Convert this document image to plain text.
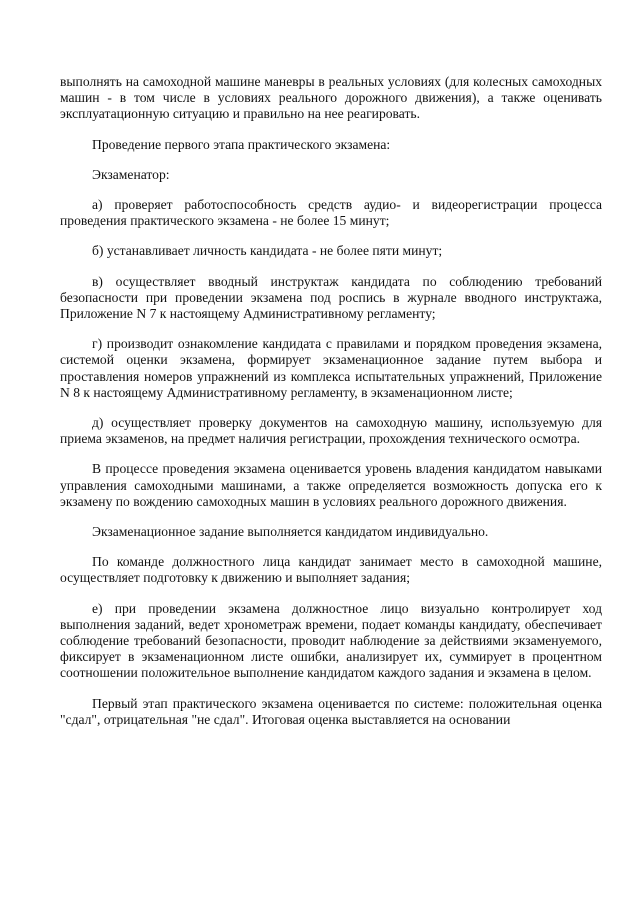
выполнять на самоходной машине маневры в реальных условиях (для колесных самоходных машин - в том числе в условиях реального дорожного движения), а также оценивать эксплуатационную ситуацию и правильно на нее реагировать.

Проведение первого этапа практического экзамена:

Экзаменатор:

а) проверяет работоспособность средств аудио- и видеорегистрации процесса проведения практического экзамена - не более 15 минут;

б) устанавливает личность кандидата - не более пяти минут;

в) осуществляет вводный инструктаж кандидата по соблюдению требований безопасности при проведении экзамена под роспись в журнале вводного инструктажа, Приложение N 7 к настоящему Административному регламенту;

г) производит ознакомление кандидата с правилами и порядком проведения экзамена, системой оценки экзамена, формирует экзаменационное задание путем выбора и проставления номеров упражнений из комплекса испытательных упражнений, Приложение N 8 к настоящему Административному регламенту, в экзаменационном листе;

д) осуществляет проверку документов на самоходную машину, используемую для приема экзаменов, на предмет наличия регистрации, прохождения технического осмотра.

В процессе проведения экзамена оценивается уровень владения кандидатом навыками управления самоходными машинами, а также определяется возможность допуска его к экзамену по вождению самоходных машин в условиях реального дорожного движения.

Экзаменационное задание выполняется кандидатом индивидуально.

По команде должностного лица кандидат занимает место в самоходной машине, осуществляет подготовку к движению и выполняет задания;

е) при проведении экзамена должностное лицо визуально контролирует ход выполнения заданий, ведет хронометраж времени, подает команды кандидату, обеспечивает соблюдение требований безопасности, проводит наблюдение за действиями экзаменуемого, фиксирует в экзаменационном листе ошибки, анализирует их, суммирует в процентном соотношении положительное выполнение кандидатом каждого задания и экзамена в целом.

Первый этап практического экзамена оценивается по системе: положительная оценка "сдал", отрицательная "не сдал". Итоговая оценка выставляется на основании
